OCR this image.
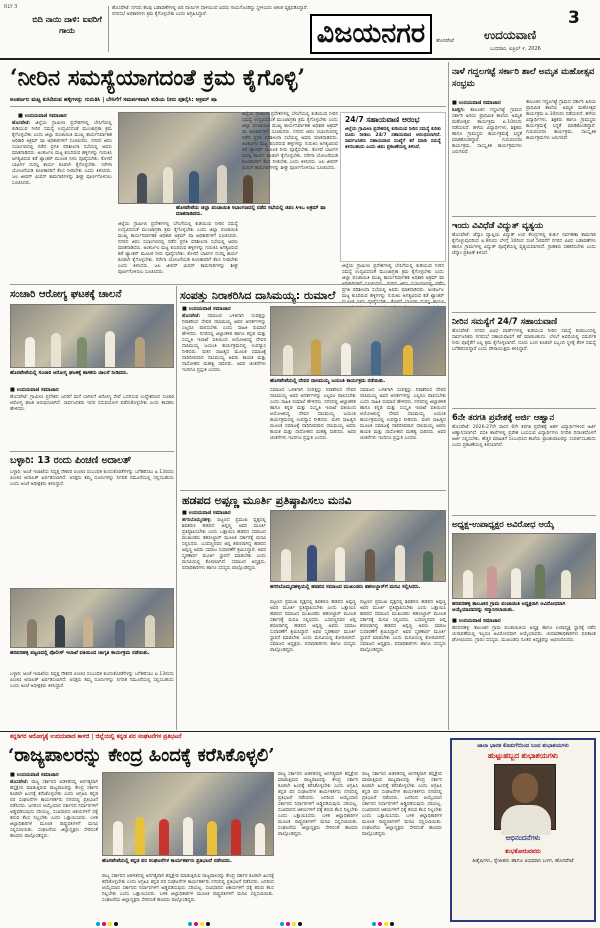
RLY 3
ಬಿದಿ ನಾಯಿ ದಾಳಿ: ಐವರಿಗೆ ಗಾಯ
ಹೊಸಪೇಟೆ: ನಗರದ ಕೆಲವು ಬಡಾವಣೆಗಳಲ್ಲಿ ಬಿದಿ ನಾಯಿಗಳ ದಾಳಿಯಿಂದ ಐವರು ಗಾಯಗೊಂಡಿದ್ದು ಸ್ಥಳೀಯರು ಆತಂಕ ವ್ಯಕ್ತಪಡಿಸಿದ್ದಾರೆ. ನಗರಸಭೆ ಅಧಿಕಾರಿಗಳು ಕ್ರಮ ಕೈಗೊಳ್ಳಬೇಕು ಎಂದು ಆಗ್ರಹಿಸಿದ್ದಾರೆ.
ವಿಜಯನಗರ	ಹೊಸಪೇಟೆ
3
ಉದಯವಾಣಿ
ಬುಧವಾರ, ಏಪ್ರಿಲ್ ೯, 2026
‘ನೀರಿನ ಸಮಸ್ಯೆಯಾಗದಂತೆ ಕ್ರಮ ಕೈಗೊಳ್ಳಿ’
ಅಂತರ್ಜಲ ಮಟ್ಟ ಕುಸಿದಿರುವ ಹಳ್ಳಿಗಳನ್ನು ಗುರುತಿಸಿ | ಬೇಸಿಗೆಗೆ ಸಮರ್ಪಕವಾಗಿ ಕುಡಿಯ ನೀರು ಪೂರೈಸಿ: ಅಕ್ರಮ್ ಷಾ
■ ಉದಯವಾಣಿ ಸಮಾಚಾರ
ಹೊಸಪೇಟೆ: ಜಿಲ್ಲೆಯ ಗ್ರಾಮೀಣ ಪ್ರದೇಶಗಳಲ್ಲಿ ಬೇಸಿಗೆಯಲ್ಲಿ ಕುಡಿಯುವ ನೀರಿನ ಸಮಸ್ಯೆ ಉದ್ಭವಿಸದಂತೆ ಮುಂಜಾಗ್ರತಾ ಕ್ರಮ ಕೈಗೊಳ್ಳಬೇಕು ಎಂದು ಜಿಲ್ಲಾ ಪಂಚಾಯಿತಿ ಮುಖ್ಯ ಕಾರ್ಯನಿರ್ವಾಹಕ ಅಧಿಕಾರಿ ಅಕ್ರಮ್ ಷಾ ಅಧಿಕಾರಿಗಳಿಗೆ ಸೂಚಿಸಿದರು. ನಗರದ ಜಿಪಂ ಸಭಾಂಗಣದಲ್ಲಿ ನಡೆದ ಪ್ರಗತಿ ಪರಿಶೀಲನಾ ಸಭೆಯಲ್ಲಿ ಅವರು ಮಾತನಾಡಿದರು. ಅಂತರ್ಜಲ ಮಟ್ಟ ಕುಸಿದಿರುವ ಹಳ್ಳಿಗಳನ್ನು ಗುರುತಿಸಿ ಅಗತ್ಯವಿರುವ ಕಡೆ ಟ್ಯಾಂಕರ್ ಮೂಲಕ ನೀರು ಪೂರೈಸಬೇಕು. ಕೊಳವೆ ಬಾವಿಗಳ ದುರಸ್ತಿ ಕಾರ್ಯ ಕೂಡಲೇ ಕೈಗೊಳ್ಳಬೇಕು. ನರೇಗಾ ಯೋಜನೆಯಡಿ ಕೂಲಿಕಾರರಿಗೆ ಕೆಲಸ ನೀಡಬೇಕು ಎಂದು ತಿಳಿಸಿದರು. ಜಲ ಜೀವನ್ ಮಿಷನ್ ಕಾಮಗಾರಿಗಳನ್ನು ಶೀಘ್ರ ಪೂರ್ಣಗೊಳಿಸಲು ಸೂಚಿಸಿದರು.
ಹೊಸಪೇಟೆಯ ಜಿಲ್ಲಾ ಪಂಚಾಯಿತಿ ಸಭಾಂಗಣದಲ್ಲಿ ನಡೆದ ಸಭೆಯಲ್ಲಿ ಜಿಪಂ ಸಿಇಒ ಅಕ್ರಮ್ ಷಾ ಮಾತನಾಡಿದರು.
ಜಿಲ್ಲೆಯ ಗ್ರಾಮೀಣ ಪ್ರದೇಶಗಳಲ್ಲಿ ಬೇಸಿಗೆಯಲ್ಲಿ ಕುಡಿಯುವ ನೀರಿನ ಸಮಸ್ಯೆ ಉದ್ಭವಿಸದಂತೆ ಮುಂಜಾಗ್ರತಾ ಕ್ರಮ ಕೈಗೊಳ್ಳಬೇಕು ಎಂದು ಜಿಲ್ಲಾ ಪಂಚಾಯಿತಿ ಮುಖ್ಯ ಕಾರ್ಯನಿರ್ವಾಹಕ ಅಧಿಕಾರಿ ಅಕ್ರಮ್ ಷಾ ಅಧಿಕಾರಿಗಳಿಗೆ ಸೂಚಿಸಿದರು. ನಗರದ ಜಿಪಂ ಸಭಾಂಗಣದಲ್ಲಿ ನಡೆದ ಪ್ರಗತಿ ಪರಿಶೀಲನಾ ಸಭೆಯಲ್ಲಿ ಅವರು ಮಾತನಾಡಿದರು. ಅಂತರ್ಜಲ ಮಟ್ಟ ಕುಸಿದಿರುವ ಹಳ್ಳಿಗಳನ್ನು ಗುರುತಿಸಿ ಅಗತ್ಯವಿರುವ ಕಡೆ ಟ್ಯಾಂಕರ್ ಮೂಲಕ ನೀರು ಪೂರೈಸಬೇಕು. ಕೊಳವೆ ಬಾವಿಗಳ ದುರಸ್ತಿ ಕಾರ್ಯ ಕೂಡಲೇ ಕೈಗೊಳ್ಳಬೇಕು. ನರೇಗಾ ಯೋಜನೆಯಡಿ ಕೂಲಿಕಾರರಿಗೆ ಕೆಲಸ ನೀಡಬೇಕು ಎಂದು ತಿಳಿಸಿದರು. ಜಲ ಜೀವನ್ ಮಿಷನ್ ಕಾಮಗಾರಿಗಳನ್ನು ಶೀಘ್ರ ಪೂರ್ಣಗೊಳಿಸಲು ಸೂಚಿಸಿದರು.
ಜಿಲ್ಲೆಯ ಗ್ರಾಮೀಣ ಪ್ರದೇಶಗಳಲ್ಲಿ ಬೇಸಿಗೆಯಲ್ಲಿ ಕುಡಿಯುವ ನೀರಿನ ಸಮಸ್ಯೆ ಉದ್ಭವಿಸದಂತೆ ಮುಂಜಾಗ್ರತಾ ಕ್ರಮ ಕೈಗೊಳ್ಳಬೇಕು ಎಂದು ಜಿಲ್ಲಾ ಪಂಚಾಯಿತಿ ಮುಖ್ಯ ಕಾರ್ಯನಿರ್ವಾಹಕ ಅಧಿಕಾರಿ ಅಕ್ರಮ್ ಷಾ ಅಧಿಕಾರಿಗಳಿಗೆ ಸೂಚಿಸಿದರು. ನಗರದ ಜಿಪಂ ಸಭಾಂಗಣದಲ್ಲಿ ನಡೆದ ಪ್ರಗತಿ ಪರಿಶೀಲನಾ ಸಭೆಯಲ್ಲಿ ಅವರು ಮಾತನಾಡಿದರು. ಅಂತರ್ಜಲ ಮಟ್ಟ ಕುಸಿದಿರುವ ಹಳ್ಳಿಗಳನ್ನು ಗುರುತಿಸಿ ಅಗತ್ಯವಿರುವ ಕಡೆ ಟ್ಯಾಂಕರ್ ಮೂಲಕ ನೀರು ಪೂರೈಸಬೇಕು. ಕೊಳವೆ ಬಾವಿಗಳ ದುರಸ್ತಿ ಕಾರ್ಯ ಕೂಡಲೇ ಕೈಗೊಳ್ಳಬೇಕು. ನರೇಗಾ ಯೋಜನೆಯಡಿ ಕೂಲಿಕಾರರಿಗೆ ಕೆಲಸ ನೀಡಬೇಕು ಎಂದು ತಿಳಿಸಿದರು. ಜಲ ಜೀವನ್ ಮಿಷನ್ ಕಾಮಗಾರಿಗಳನ್ನು ಶೀಘ್ರ ಪೂರ್ಣಗೊಳಿಸಲು ಸೂಚಿಸಿದರು.
24/7 ಸಹಾಯವಾಣಿ ಆರಂಭ
ಜಿಲ್ಲೆಯ ಗ್ರಾಮೀಣ ಪ್ರದೇಶದಲ್ಲಿ ಕುಡಿಯುವ ನೀರಿನ ಸಮಸ್ಯೆ ಕುರಿತು ದೂರು ನೀಡಲು 24/7 ಸಹಾಯವಾಣಿ ಆರಂಭಿಸಲಾಗಿದೆ. ಸಾರ್ವಜನಿಕರು ಸಹಾಯವಾಣಿ ಸಂಖ್ಯೆಗೆ ಕರೆ ಮಾಡಿ ಸಮಸ್ಯೆ ತಿಳಿಸಬಹುದು ಎಂದು ಜಿಪಂ ಪ್ರಕಟಣೆಯಲ್ಲಿ ತಿಳಿಸಿದೆ.
ಜಿಲ್ಲೆಯ ಗ್ರಾಮೀಣ ಪ್ರದೇಶಗಳಲ್ಲಿ ಬೇಸಿಗೆಯಲ್ಲಿ ಕುಡಿಯುವ ನೀರಿನ ಸಮಸ್ಯೆ ಉದ್ಭವಿಸದಂತೆ ಮುಂಜಾಗ್ರತಾ ಕ್ರಮ ಕೈಗೊಳ್ಳಬೇಕು ಎಂದು ಜಿಲ್ಲಾ ಪಂಚಾಯಿತಿ ಮುಖ್ಯ ಕಾರ್ಯನಿರ್ವಾಹಕ ಅಧಿಕಾರಿ ಅಕ್ರಮ್ ಷಾ ಪ್ರಗತಿ ಪರಿಶೀಲನಾ ಸಭೆಯಲ್ಲಿ ಅವರು ಮಾತನಾಡಿದರು. ಅಂತರ್ಜಲ ಮಟ್ಟ ಕುಸಿದಿರುವ ಹಳ್ಳಿಗಳನ್ನು ಗುರುತಿಸಿ ಅಗತ್ಯವಿರುವ ಕಡೆ ಟ್ಯಾಂಕರ್
ನಾಳೆ ಗದ್ದಲಗಟ್ಟೆ ಸರ್ಕಾರಿ ಶಾಲೆ ಅಮೃತ ಮಹೋತ್ಸವ ಸಂಭ್ರಮ
■ ಉದಯವಾಣಿ ಸಮಾಚಾರ
ಕೂಡ್ಲಿಗಿ: ತಾಲೂಕಿನ ಗದ್ದಲಗಟ್ಟೆ ಗ್ರಾಮದ ಸರ್ಕಾರಿ ಹಿರಿಯ ಪ್ರಾಥಮಿಕ ಶಾಲೆಯ ಅಮೃತ ಮಹೋತ್ಸವ ಕಾರ್ಯಕ್ರಮ ಏ.10ರಂದು ನಡೆಯಲಿದೆ. ಹಳೆಯ ವಿದ್ಯಾರ್ಥಿಗಳು, ಶಿಕ್ಷಕರು ಹಾಗೂ ಗ್ರಾಮಸ್ಥರು ಕಾರ್ಯಕ್ರಮಕ್ಕೆ ಸಿದ್ಧತೆ ಮಾಡಿಕೊಂಡಿದ್ದಾರೆ. ಗುರುವಂದನಾ ಕಾರ್ಯಕ್ರಮ, ಸಾಂಸ್ಕೃತಿಕ ಕಾರ್ಯಕ್ರಮಗಳು ಜರುಗಲಿವೆ.
ತಾಲೂಕಿನ ಗದ್ದಲಗಟ್ಟೆ ಗ್ರಾಮದ ಸರ್ಕಾರಿ ಹಿರಿಯ ಪ್ರಾಥಮಿಕ ಶಾಲೆಯ ಅಮೃತ ಮಹೋತ್ಸವ ಕಾರ್ಯಕ್ರಮ ಏ.10ರಂದು ನಡೆಯಲಿದೆ. ಹಳೆಯ ವಿದ್ಯಾರ್ಥಿಗಳು, ಶಿಕ್ಷಕರು ಹಾಗೂ ಗ್ರಾಮಸ್ಥರು ಕಾರ್ಯಕ್ರಮಕ್ಕೆ ಸಿದ್ಧತೆ ಮಾಡಿಕೊಂಡಿದ್ದಾರೆ. ಗುರುವಂದನಾ ಕಾರ್ಯಕ್ರಮ, ಸಾಂಸ್ಕೃತಿಕ ಕಾರ್ಯಕ್ರಮಗಳು ಜರುಗಲಿವೆ.
ಇಂದು ವಿವಿಧೆಡೆ ವಿದ್ಯುತ್ ವ್ಯತ್ಯಯ
ಹೊಸಪೇಟೆ: ಜೆಸ್ಕಾಂ ವ್ಯಾಪ್ತಿಯ ವಿದ್ಯುತ್ ಉಪ ಕೇಂದ್ರಗಳಲ್ಲಿ ತುರ್ತು ನಿರ್ವಹಣಾ ಕಾಮಗಾರಿ ಕೈಗೊಳ್ಳುವುದರಿಂದ ಏ.9ರಂದು ಬೆಳಗ್ಗೆ 10ರಿಂದ ಸಂಜೆ 5ರವರೆಗೆ ನಗರದ ವಿವಿಧ ಬಡಾವಣೆಗಳು ಹಾಗೂ ಗ್ರಾಮಗಳಲ್ಲಿ ವಿದ್ಯುತ್ ಪೂರೈಕೆಯಲ್ಲಿ ವ್ಯತ್ಯಯವಾಗಲಿದೆ. ಗ್ರಾಹಕರು ಸಹಕರಿಸಬೇಕು ಎಂದು ಜೆಸ್ಕಾಂ ಪ್ರಕಟಣೆ ತಿಳಿಸಿದೆ.
ನೀರಿನ ಸಮಸ್ಯೆಗೆ 24/7 ಸಹಾಯವಾಣಿ
ಹೊಸಪೇಟೆ: ನಗರದ ವಿವಿಧ ವಾರ್ಡ್‌ಗಳಲ್ಲಿ ಕುಡಿಯುವ ನೀರಿನ ಸಮಸ್ಯೆ ಕಂಡುಬಂದಲ್ಲಿ ಸಾರ್ವಜನಿಕರು ನಗರಸಭೆ ಸಹಾಯವಾಣಿಗೆ ಕರೆ ಮಾಡಬಹುದು. ಬೇಸಿಗೆ ಅವಧಿಯಲ್ಲಿ ಸಮರ್ಪಕ ನೀರು ಪೂರೈಕೆಗೆ ಎಲ್ಲ ಕ್ರಮ ಕೈಗೊಳ್ಳಲಾಗಿದೆ. ದೂರು ಬಂದ ಕೂಡಲೇ ಸಿಬ್ಬಂದಿ ಸ್ಥಳಕ್ಕೆ ತೆರಳಿ ಸಮಸ್ಯೆ ಬಗೆಹರಿಸಲಿದ್ದಾರೆ ಎಂದು ಪೌರಾಯುಕ್ತರು ತಿಳಿಸಿದ್ದಾರೆ.
6ನೇ ತರಗತಿ ಪ್ರವೇಶಕ್ಕೆ ಅರ್ಜಿ ಆಹ್ವಾನ
ಹೊಸಪೇಟೆ: 2026-27ನೇ ಸಾಲಿನ 6ನೇ ತರಗತಿ ಪ್ರವೇಶಕ್ಕೆ ಅರ್ಹ ವಿದ್ಯಾರ್ಥಿಗಳಿಂದ ಅರ್ಜಿ ಆಹ್ವಾನಿಸಲಾಗಿದೆ. ವಸತಿ ಶಾಲೆಗಳಲ್ಲಿ ಪ್ರವೇಶ ಬಯಸುವ ವಿದ್ಯಾರ್ಥಿಗಳು ನಿಗದಿತ ದಿನಾಂಕದೊಳಗೆ ಅರ್ಜಿ ಸಲ್ಲಿಸಬೇಕು. ಹೆಚ್ಚಿನ ಮಾಹಿತಿಗೆ ಸಂಬಂಧಿಸಿದ ಶಾಲೆಯ ಪ್ರಾಂಶುಪಾಲರನ್ನು ಸಂಪರ್ಕಿಸಬಹುದು ಎಂದು ಪ್ರಕಟಣೆಯಲ್ಲಿ ತಿಳಿಸಲಾಗಿದೆ.
ಅಧ್ಯಕ್ಷ-ಉಪಾಧ್ಯಕ್ಷರ ಅವಿರೋಧ ಆಯ್ಕೆ
ಹರಪನಹಳ್ಳಿ ತಾಲೂಕಿನ ಗ್ರಾಮ ಪಂಚಾಯಿತಿ ಅಧ್ಯಕ್ಷರಾಗಿ ಅವಿರೋಧವಾಗಿ ಆಯ್ಕೆಯಾದವರನ್ನು ಸನ್ಮಾನಿಸಲಾಯಿತು.
■ ಉದಯವಾಣಿ ಸಮಾಚಾರ
ಹರಪನಹಳ್ಳಿ: ತಾಲೂಕಿನ ಗ್ರಾಮ ಪಂಚಾಯಿತಿಯ ಅಧ್ಯಕ್ಷ ಹಾಗೂ ಉಪಾಧ್ಯಕ್ಷ ಸ್ಥಾನಕ್ಕೆ ನಡೆದ ಚುನಾವಣೆಯಲ್ಲಿ ಇಬ್ಬರೂ ಅವಿರೋಧವಾಗಿ ಆಯ್ಕೆಯಾದರು. ಚುನಾವಣಾಧಿಕಾರಿಗಳು ಫಲಿತಾಂಶ ಘೋಷಿಸಿದರು. ಗ್ರಾಪಂ ಸದಸ್ಯರು, ಮುಖಂಡರು ನೂತನ ಅಧ್ಯಕ್ಷರನ್ನು ಅಭಿನಂದಿಸಿದರು.
ಸಂಚಾರಿ ಆರೋಗ್ಯ ಘಟಕಕ್ಕೆ ಚಾಲನೆ
ಹೊಸಪೇಟೆಯಲ್ಲಿ ಸಂಚಾರಿ ಆರೋಗ್ಯ ಘಟಕಕ್ಕೆ ಶಾಸಕರು ಚಾಲನೆ ನೀಡಿದರು.
■ ಉದಯವಾಣಿ ಸಮಾಚಾರ
ಹೊಸಪೇಟೆ: ಗ್ರಾಮೀಣ ಪ್ರದೇಶದ ಜನರಿಗೆ ಮನೆ ಬಾಗಿಲಿಗೆ ಆರೋಗ್ಯ ಸೇವೆ ಒದಗಿಸುವ ಉದ್ದೇಶದಿಂದ ಸಂಚಾರಿ ಆರೋಗ್ಯ ಘಟಕ ಆರಂಭಿಸಲಾಗಿದೆ. ಸಾರ್ವಜನಿಕರು ಇದರ ಸದುಪಯೋಗ ಪಡೆದುಕೊಳ್ಳಬೇಕು ಎಂದು ಶಾಸಕರು ಹೇಳಿದರು.
ಬಳ್ಳಾರಿ: 13 ರಂದು ಪಿಂಚಣಿ ಅದಾಲತ್
ಬಳ್ಳಾರಿ: ಅಂಚೆ ಇಲಾಖೆಯ ನಿವೃತ್ತ ನೌಕರರ ಪಿಂಚಣಿ ಸಂಬಂಧಿತ ಕುಂದುಕೊರತೆಗಳನ್ನು ಬಗೆಹರಿಸಲು ಏ.13ರಂದು ಪಿಂಚಣಿ ಅದಾಲತ್ ಏರ್ಪಡಿಸಲಾಗಿದೆ. ಆಸಕ್ತರು ತಮ್ಮ ದೂರುಗಳನ್ನು ನಿಗದಿತ ನಮೂನೆಯಲ್ಲಿ ಸಲ್ಲಿಸಬಹುದು ಎಂದು ಅಂಚೆ ಅಧೀಕ್ಷಕರು ತಿಳಿಸಿದ್ದಾರೆ.
ಹರಪನಹಳ್ಳಿ ಪಟ್ಟಣದಲ್ಲಿ ಪೊಲೀಸ್ ಇಲಾಖೆ ವತಿಯಿಂದ ಜಾಗೃತಿ ಕಾರ್ಯಕ್ರಮ ನಡೆಯಿತು.
ಬಳ್ಳಾರಿ: ಅಂಚೆ ಇಲಾಖೆಯ ನಿವೃತ್ತ ನೌಕರರ ಪಿಂಚಣಿ ಸಂಬಂಧಿತ ಕುಂದುಕೊರತೆಗಳನ್ನು ಬಗೆಹರಿಸಲು ಏ.13ರಂದು ಪಿಂಚಣಿ ಅದಾಲತ್ ಏರ್ಪಡಿಸಲಾಗಿದೆ. ಆಸಕ್ತರು ತಮ್ಮ ದೂರುಗಳನ್ನು ನಿಗದಿತ ನಮೂನೆಯಲ್ಲಿ ಸಲ್ಲಿಸಬಹುದು ಎಂದು ಅಂಚೆ ಅಧೀಕ್ಷಕರು ತಿಳಿಸಿದ್ದಾರೆ.
ಸಂಪತ್ತು ನಿರಾಕರಿಸಿದ ದಾಸಿಮಯ್ಯ: ರುಮಾಲೆ
■ ಉದಯವಾಣಿ ಸಮಾಚಾರ
ಹೊಸಪೇಟೆ: ಸಮಾಜದ ಒಳಿತಿಗಾಗಿ ಸಂಪತ್ತನ್ನು ನಿರಾಕರಿಸಿದ ದೇವರ ದಾಸಿಮಯ್ಯ ಅವರ ಆದರ್ಶಗಳನ್ನು ಎಲ್ಲರೂ ಪಾಲಿಸಬೇಕು ಎಂದು ಸಾಹಿತಿ ರುಮಾಲೆ ಹೇಳಿದರು. ನಗರದಲ್ಲಿ ಜಿಲ್ಲಾಡಳಿತ ಹಾಗೂ ಕನ್ನಡ ಮತ್ತು ಸಂಸ್ಕೃತಿ ಇಲಾಖೆ ವತಿಯಿಂದ ಆಯೋಜಿಸಿದ್ದ ದೇವರ ದಾಸಿಮಯ್ಯ ಜಯಂತಿ ಕಾರ್ಯಕ್ರಮದಲ್ಲಿ ಉಪನ್ಯಾಸ ನೀಡಿದರು. ವಚನ ಸಾಹಿತ್ಯದ ಮೂಲಕ ಸಮಾಜಕ್ಕೆ ದಾರಿದೀಪವಾದ ದಾಸಿಮಯ್ಯ ಅವರು ಕಾಯಕ ಮತ್ತು ದಾಸೋಹದ ಮಹತ್ವ ಸಾರಿದರು. ಅವರ ಚಿಂತನೆಗಳು ಇಂದಿಗೂ ಪ್ರಸ್ತುತ ಎಂದರು.
ಹೊಸಪೇಟೆಯಲ್ಲಿ ದೇವರ ದಾಸಿಮಯ್ಯ ಜಯಂತಿ ಕಾರ್ಯಕ್ರಮ ನಡೆಯಿತು.
ಸಮಾಜದ ಒಳಿತಿಗಾಗಿ ಸಂಪತ್ತನ್ನು ನಿರಾಕರಿಸಿದ ದೇವರ ದಾಸಿಮಯ್ಯ ಅವರ ಆದರ್ಶಗಳನ್ನು ಎಲ್ಲರೂ ಪಾಲಿಸಬೇಕು ಎಂದು ಸಾಹಿತಿ ರುಮಾಲೆ ಹೇಳಿದರು. ನಗರದಲ್ಲಿ ಜಿಲ್ಲಾಡಳಿತ ಹಾಗೂ ಕನ್ನಡ ಮತ್ತು ಸಂಸ್ಕೃತಿ ಇಲಾಖೆ ವತಿಯಿಂದ ಆಯೋಜಿಸಿದ್ದ ದೇವರ ದಾಸಿಮಯ್ಯ ಜಯಂತಿ ಕಾರ್ಯಕ್ರಮದಲ್ಲಿ ಉಪನ್ಯಾಸ ನೀಡಿದರು. ವಚನ ಸಾಹಿತ್ಯದ ಮೂಲಕ ಸಮಾಜಕ್ಕೆ ದಾರಿದೀಪವಾದ ದಾಸಿಮಯ್ಯ ಅವರು ಕಾಯಕ ಮತ್ತು ದಾಸೋಹದ ಮಹತ್ವ ಸಾರಿದರು. ಅವರ ಚಿಂತನೆಗಳು ಇಂದಿಗೂ ಪ್ರಸ್ತುತ ಎಂದರು.
ಸಮಾಜದ ಒಳಿತಿಗಾಗಿ ಸಂಪತ್ತನ್ನು ನಿರಾಕರಿಸಿದ ದೇವರ ದಾಸಿಮಯ್ಯ ಅವರ ಆದರ್ಶಗಳನ್ನು ಎಲ್ಲರೂ ಪಾಲಿಸಬೇಕು ಎಂದು ಸಾಹಿತಿ ರುಮಾಲೆ ಹೇಳಿದರು. ನಗರದಲ್ಲಿ ಜಿಲ್ಲಾಡಳಿತ ಹಾಗೂ ಕನ್ನಡ ಮತ್ತು ಸಂಸ್ಕೃತಿ ಇಲಾಖೆ ವತಿಯಿಂದ ಆಯೋಜಿಸಿದ್ದ ದೇವರ ದಾಸಿಮಯ್ಯ ಜಯಂತಿ ಕಾರ್ಯಕ್ರಮದಲ್ಲಿ ಉಪನ್ಯಾಸ ನೀಡಿದರು. ವಚನ ಸಾಹಿತ್ಯದ ಮೂಲಕ ಸಮಾಜಕ್ಕೆ ದಾರಿದೀಪವಾದ ದಾಸಿಮಯ್ಯ ಅವರು ಕಾಯಕ ಮತ್ತು ದಾಸೋಹದ ಮಹತ್ವ ಸಾರಿದರು. ಅವರ ಚಿಂತನೆಗಳು ಇಂದಿಗೂ ಪ್ರಸ್ತುತ ಎಂದರು.
ಹಡಪದ ಅಪ್ಪಣ್ಣ ಮೂರ್ತಿ ಪ್ರತಿಷ್ಠಾಪಿಸಲು ಮನವಿ
■ ಉದಯವಾಣಿ ಸಮಾಚಾರ
ಹಗರಿಬೊಮ್ಮನಹಳ್ಳಿ: ಪಟ್ಟಣದ ಪ್ರಮುಖ ವೃತ್ತದಲ್ಲಿ ಶಿವಶರಣ ಹಡಪದ ಅಪ್ಪಣ್ಣ ಅವರ ಮೂರ್ತಿ ಪ್ರತಿಷ್ಠಾಪಿಸಬೇಕು ಎಂದು ಒತ್ತಾಯಿಸಿ ಹಡಪದ ಸಮಾಜದ ಮುಖಂಡರು ತಹಸೀಲ್ದಾರ್ ಮೂಲಕ ಸರ್ಕಾರಕ್ಕೆ ಮನವಿ ಸಲ್ಲಿಸಿದರು. ಬಸವಣ್ಣನವರ ಆಪ್ತ ಶರಣರಾಗಿದ್ದ ಹಡಪದ ಅಪ್ಪಣ್ಣ ಅವರು ಸಮಾಜ ಸುಧಾರಣೆಗೆ ಶ್ರಮಿಸಿದ್ದಾರೆ. ಅವರ ಸ್ಮರಣಾರ್ಥ ಮೂರ್ತಿ ಸ್ಥಾಪನೆ ಮಾಡಬೇಕು ಎಂದು ಮನವಿಯಲ್ಲಿ ಕೋರಲಾಗಿದೆ. ಸಮಾಜದ ಅಧ್ಯಕ್ಷರು, ಪದಾಧಿಕಾರಿಗಳು ಹಾಗೂ ಸದಸ್ಯರು ಪಾಲ್ಗೊಂಡಿದ್ದರು.
ಹಗರಿಬೊಮ್ಮನಹಳ್ಳಿಯಲ್ಲಿ ಹಡಪದ ಸಮಾಜದ ಮುಖಂಡರು ತಹಸೀಲ್ದಾರ್‌ಗೆ ಮನವಿ ಸಲ್ಲಿಸಿದರು.
ಪಟ್ಟಣದ ಪ್ರಮುಖ ವೃತ್ತದಲ್ಲಿ ಶಿವಶರಣ ಹಡಪದ ಅಪ್ಪಣ್ಣ ಅವರ ಮೂರ್ತಿ ಪ್ರತಿಷ್ಠಾಪಿಸಬೇಕು ಎಂದು ಒತ್ತಾಯಿಸಿ ಹಡಪದ ಸಮಾಜದ ಮುಖಂಡರು ತಹಸೀಲ್ದಾರ್ ಮೂಲಕ ಸರ್ಕಾರಕ್ಕೆ ಮನವಿ ಸಲ್ಲಿಸಿದರು. ಬಸವಣ್ಣನವರ ಆಪ್ತ ಶರಣರಾಗಿದ್ದ ಹಡಪದ ಅಪ್ಪಣ್ಣ ಅವರು ಸಮಾಜ ಸುಧಾರಣೆಗೆ ಶ್ರಮಿಸಿದ್ದಾರೆ. ಅವರ ಸ್ಮರಣಾರ್ಥ ಮೂರ್ತಿ ಸ್ಥಾಪನೆ ಮಾಡಬೇಕು ಎಂದು ಮನವಿಯಲ್ಲಿ ಕೋರಲಾಗಿದೆ. ಸಮಾಜದ ಅಧ್ಯಕ್ಷರು, ಪದಾಧಿಕಾರಿಗಳು ಹಾಗೂ ಸದಸ್ಯರು ಪಾಲ್ಗೊಂಡಿದ್ದರು.
ಪಟ್ಟಣದ ಪ್ರಮುಖ ವೃತ್ತದಲ್ಲಿ ಶಿವಶರಣ ಹಡಪದ ಅಪ್ಪಣ್ಣ ಅವರ ಮೂರ್ತಿ ಪ್ರತಿಷ್ಠಾಪಿಸಬೇಕು ಎಂದು ಒತ್ತಾಯಿಸಿ ಹಡಪದ ಸಮಾಜದ ಮುಖಂಡರು ತಹಸೀಲ್ದಾರ್ ಮೂಲಕ ಸರ್ಕಾರಕ್ಕೆ ಮನವಿ ಸಲ್ಲಿಸಿದರು. ಬಸವಣ್ಣನವರ ಆಪ್ತ ಶರಣರಾಗಿದ್ದ ಹಡಪದ ಅಪ್ಪಣ್ಣ ಅವರು ಸಮಾಜ ಸುಧಾರಣೆಗೆ ಶ್ರಮಿಸಿದ್ದಾರೆ. ಅವರ ಸ್ಮರಣಾರ್ಥ ಮೂರ್ತಿ ಸ್ಥಾಪನೆ ಮಾಡಬೇಕು ಎಂದು ಮನವಿಯಲ್ಲಿ ಕೋರಲಾಗಿದೆ. ಸಮಾಜದ ಅಧ್ಯಕ್ಷರು, ಪದಾಧಿಕಾರಿಗಳು ಹಾಗೂ ಸದಸ್ಯರು ಪಾಲ್ಗೊಂಡಿದ್ದರು.
ಕನ್ನಡಿಗರ ಆರೋಗ್ಯಕ್ಕೆ ಉದಯವಾಣಿ ಕಾಳಜಿ | ಜಿಲ್ಲೆಯಲ್ಲಿ ಕನ್ನಡ ಪರ ಸಂಘಟನೆಗಳ ಪ್ರತಿಭಟನೆ
‘ರಾಜ್ಯಪಾಲರನ್ನು ಕೇಂದ್ರ ಹಿಂದಕ್ಕೆ ಕರೆಸಿಕೊಳ್ಳಲಿ’
■ ಉದಯವಾಣಿ ಸಮಾಚಾರ
ಹೊಸಪೇಟೆ: ರಾಜ್ಯ ಸರ್ಕಾರದ ಆಡಳಿತದಲ್ಲಿ ಅನಗತ್ಯವಾಗಿ ಹಸ್ತಕ್ಷೇಪ ಮಾಡುತ್ತಿರುವ ರಾಜ್ಯಪಾಲರನ್ನು ಕೇಂದ್ರ ಸರ್ಕಾರ ಕೂಡಲೇ ಹಿಂದಕ್ಕೆ ಕರೆಸಿಕೊಳ್ಳಬೇಕು ಎಂದು ಆಗ್ರಹಿಸಿ ಕನ್ನಡ ಪರ ಸಂಘಟನೆಗಳ ಕಾರ್ಯಕರ್ತರು ನಗರದಲ್ಲಿ ಪ್ರತಿಭಟನೆ ನಡೆಸಿದರು. ಜನರಿಂದ ಆಯ್ಕೆಯಾದ ಸರ್ಕಾರದ ನಿರ್ಧಾರಗಳಿಗೆ ಅಡ್ಡಿಪಡಿಸುವುದು ಸರಿಯಲ್ಲ. ಸಂವಿಧಾನದ ಆಶಯಗಳಿಗೆ ಧಕ್ಕೆ ತರುವ ಕೆಲಸ ನಿಲ್ಲಬೇಕು ಎಂದು ಒತ್ತಾಯಿಸಿದರು. ಬಳಿಕ ಜಿಲ್ಲಾಧಿಕಾರಿಗಳ ಮೂಲಕ ರಾಷ್ಟ್ರಪತಿಗಳಿಗೆ ಮನವಿ ಸಲ್ಲಿಸಲಾಯಿತು. ಸಂಘಟನೆಯ ಜಿಲ್ಲಾಧ್ಯಕ್ಷರು ಸೇರಿದಂತೆ ಹಲವರು ಪಾಲ್ಗೊಂಡಿದ್ದರು.
ಹೊಸಪೇಟೆಯಲ್ಲಿ ಕನ್ನಡ ಪರ ಸಂಘಟನೆಗಳ ಕಾರ್ಯಕರ್ತರು ಪ್ರತಿಭಟನೆ ನಡೆಸಿದರು.
ರಾಜ್ಯ ಸರ್ಕಾರದ ಆಡಳಿತದಲ್ಲಿ ಅನಗತ್ಯವಾಗಿ ಹಸ್ತಕ್ಷೇಪ ಮಾಡುತ್ತಿರುವ ರಾಜ್ಯಪಾಲರನ್ನು ಕೇಂದ್ರ ಸರ್ಕಾರ ಕೂಡಲೇ ಹಿಂದಕ್ಕೆ ಕರೆಸಿಕೊಳ್ಳಬೇಕು ಎಂದು ಆಗ್ರಹಿಸಿ ಕನ್ನಡ ಪರ ಸಂಘಟನೆಗಳ ಕಾರ್ಯಕರ್ತರು ನಗರದಲ್ಲಿ ಪ್ರತಿಭಟನೆ ನಡೆಸಿದರು. ಜನರಿಂದ ಆಯ್ಕೆಯಾದ ಸರ್ಕಾರದ ನಿರ್ಧಾರಗಳಿಗೆ ಅಡ್ಡಿಪಡಿಸುವುದು ಸರಿಯಲ್ಲ. ಸಂವಿಧಾನದ ಆಶಯಗಳಿಗೆ ಧಕ್ಕೆ ತರುವ ಕೆಲಸ ನಿಲ್ಲಬೇಕು ಎಂದು ಒತ್ತಾಯಿಸಿದರು. ಬಳಿಕ ಜಿಲ್ಲಾಧಿಕಾರಿಗಳ ಮೂಲಕ ರಾಷ್ಟ್ರಪತಿಗಳಿಗೆ ಮನವಿ ಸಲ್ಲಿಸಲಾಯಿತು. ಸಂಘಟನೆಯ ಜಿಲ್ಲಾಧ್ಯಕ್ಷರು ಸೇರಿದಂತೆ ಹಲವರು ಪಾಲ್ಗೊಂಡಿದ್ದರು.
ರಾಜ್ಯ ಸರ್ಕಾರದ ಆಡಳಿತದಲ್ಲಿ ಅನಗತ್ಯವಾಗಿ ಹಸ್ತಕ್ಷೇಪ ಮಾಡುತ್ತಿರುವ ರಾಜ್ಯಪಾಲರನ್ನು ಕೇಂದ್ರ ಸರ್ಕಾರ ಕೂಡಲೇ ಹಿಂದಕ್ಕೆ ಕರೆಸಿಕೊಳ್ಳಬೇಕು ಎಂದು ಆಗ್ರಹಿಸಿ ಕನ್ನಡ ಪರ ಸಂಘಟನೆಗಳ ಕಾರ್ಯಕರ್ತರು ನಗರದಲ್ಲಿ ಪ್ರತಿಭಟನೆ ನಡೆಸಿದರು. ಜನರಿಂದ ಆಯ್ಕೆಯಾದ ಸರ್ಕಾರದ ನಿರ್ಧಾರಗಳಿಗೆ ಅಡ್ಡಿಪಡಿಸುವುದು ಸರಿಯಲ್ಲ. ಸಂವಿಧಾನದ ಆಶಯಗಳಿಗೆ ಧಕ್ಕೆ ತರುವ ಕೆಲಸ ನಿಲ್ಲಬೇಕು ಎಂದು ಒತ್ತಾಯಿಸಿದರು. ಬಳಿಕ ಜಿಲ್ಲಾಧಿಕಾರಿಗಳ ಮೂಲಕ ರಾಷ್ಟ್ರಪತಿಗಳಿಗೆ ಮನವಿ ಸಲ್ಲಿಸಲಾಯಿತು. ಸಂಘಟನೆಯ ಜಿಲ್ಲಾಧ್ಯಕ್ಷರು ಸೇರಿದಂತೆ ಹಲವರು ಪಾಲ್ಗೊಂಡಿದ್ದರು.
ರಾಜ್ಯ ಸರ್ಕಾರದ ಆಡಳಿತದಲ್ಲಿ ಅನಗತ್ಯವಾಗಿ ಹಸ್ತಕ್ಷೇಪ ಮಾಡುತ್ತಿರುವ ರಾಜ್ಯಪಾಲರನ್ನು ಕೇಂದ್ರ ಸರ್ಕಾರ ಕೂಡಲೇ ಹಿಂದಕ್ಕೆ ಕರೆಸಿಕೊಳ್ಳಬೇಕು ಎಂದು ಆಗ್ರಹಿಸಿ ಕನ್ನಡ ಪರ ಸಂಘಟನೆಗಳ ಕಾರ್ಯಕರ್ತರು ನಗರದಲ್ಲಿ ಪ್ರತಿಭಟನೆ ನಡೆಸಿದರು. ಜನರಿಂದ ಆಯ್ಕೆಯಾದ ಸರ್ಕಾರದ ನಿರ್ಧಾರಗಳಿಗೆ ಅಡ್ಡಿಪಡಿಸುವುದು ಸರಿಯಲ್ಲ. ಸಂವಿಧಾನದ ಆಶಯಗಳಿಗೆ ಧಕ್ಕೆ ತರುವ ಕೆಲಸ ನಿಲ್ಲಬೇಕು ಎಂದು ಒತ್ತಾಯಿಸಿದರು. ಬಳಿಕ ಜಿಲ್ಲಾಧಿಕಾರಿಗಳ ಮೂಲಕ ರಾಷ್ಟ್ರಪತಿಗಳಿಗೆ ಮನವಿ ಸಲ್ಲಿಸಲಾಯಿತು. ಸಂಘಟನೆಯ ಜಿಲ್ಲಾಧ್ಯಕ್ಷರು ಸೇರಿದಂತೆ ಹಲವರು ಪಾಲ್ಗೊಂಡಿದ್ದರು.
ಜಾಲಾ ಭಾರತ ಕೊಡುಗೆಯಿಂದ ಬಂದ ಶುಭಾಶಯಗಳು
ಹುಟ್ಟುಹಬ್ಬದ ಶುಭಾಶಯಗಳು
ಅಭಿನಂದನೆಗಳು
ಶುಭಕೋರುವವರು
ಹಿತೈಷಿಗಳು, ಸ್ನೇಹಿತರು ಹಾಗೂ ಅಭಿಮಾನಿ ಬಳಗ, ಹೊಸಪೇಟೆ
